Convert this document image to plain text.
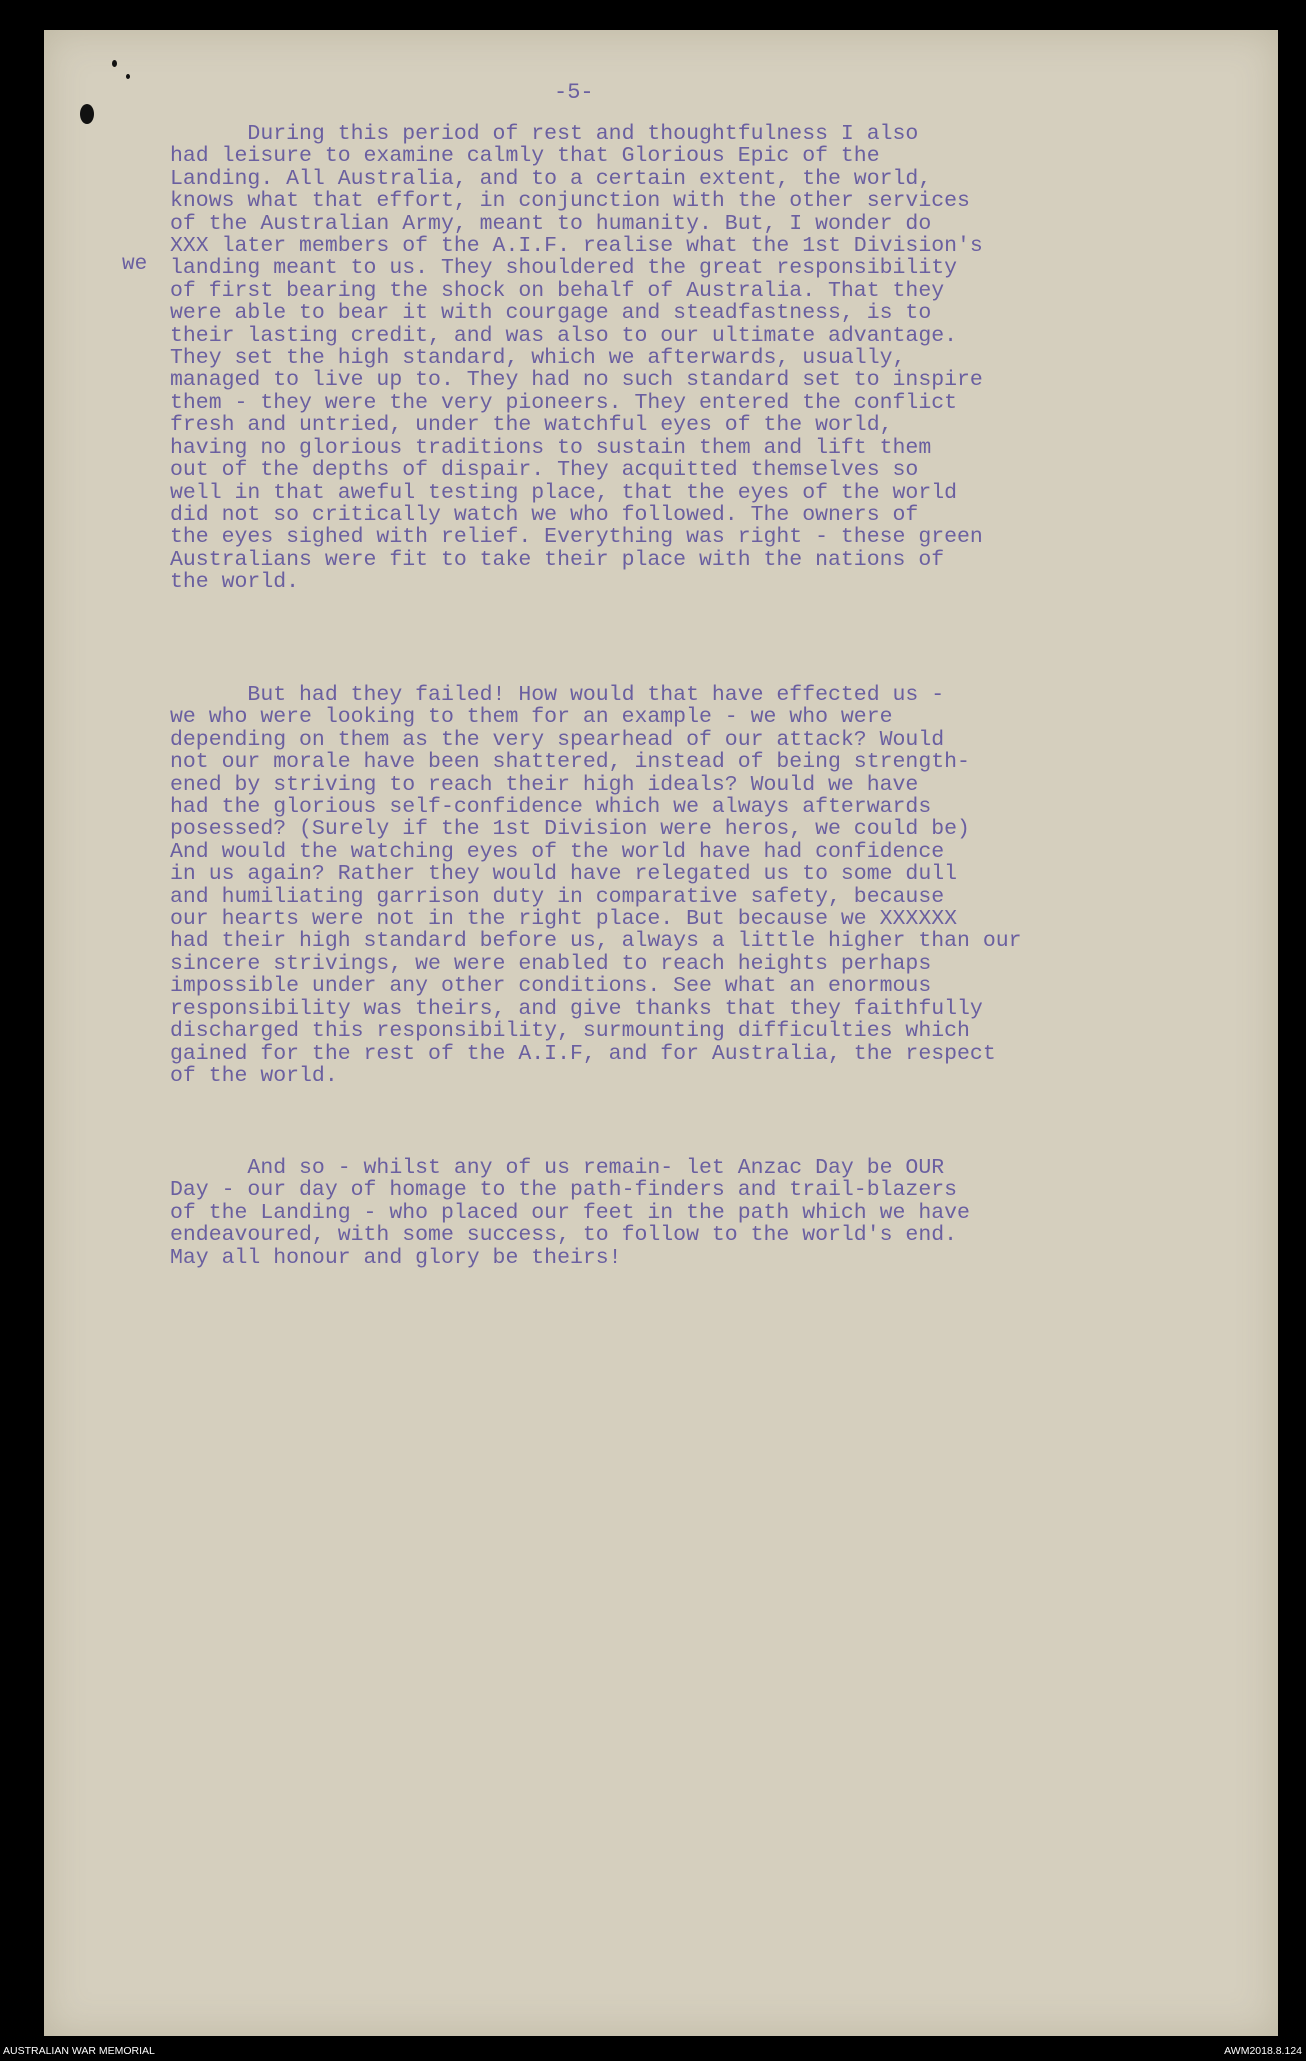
-5-
we
During this period of rest and thoughtfulness I also
had leisure to examine calmly that Glorious Epic of the
Landing. All Australia, and to a certain extent, the world,
knows what that effort, in conjunction with the other services
of the Australian Army, meant to humanity. But, I wonder do
XXX later members of the A.I.F. realise what the 1st Division's
landing meant to us. They shouldered the great responsibility
of first bearing the shock on behalf of Australia. That they
were able to bear it with courgage and steadfastness, is to
their lasting credit, and was also to our ultimate advantage.
They set the high standard, which we afterwards, usually,
managed to live up to. They had no such standard set to inspire
them - they were the very pioneers. They entered the conflict
fresh and untried, under the watchful eyes of the world,
having no glorious traditions to sustain them and lift them
out of the depths of dispair. They acquitted themselves so
well in that aweful testing place, that the eyes of the world
did not so critically watch we who followed. The owners of
the eyes sighed with relief. Everything was right - these green
Australians were fit to take their place with the nations of
the world.
But had they failed! How would that have effected us -
we who were looking to them for an example - we who were
depending on them as the very spearhead of our attack? Would
not our morale have been shattered, instead of being strength-
ened by striving to reach their high ideals? Would we have
had the glorious self-confidence which we always afterwards
posessed? (Surely if the 1st Division were heros, we could be)
And would the watching eyes of the world have had confidence
in us again? Rather they would have relegated us to some dull
and humiliating garrison duty in comparative safety, because
our hearts were not in the right place. But because we XXXXXX
had their high standard before us, always a little higher than our
sincere strivings, we were enabled to reach heights perhaps
impossible under any other conditions. See what an enormous
responsibility was theirs, and give thanks that they faithfully
discharged this responsibility, surmounting difficulties which
gained for the rest of the A.I.F, and for Australia, the respect
of the world.
And so - whilst any of us remain- let Anzac Day be OUR
Day - our day of homage to the path-finders and trail-blazers
of the Landing - who placed our feet in the path which we have
endeavoured, with some success, to follow to the world's end.
May all honour and glory be theirs!
AUSTRALIAN WAR MEMORIAL	AWM2018.8.124
